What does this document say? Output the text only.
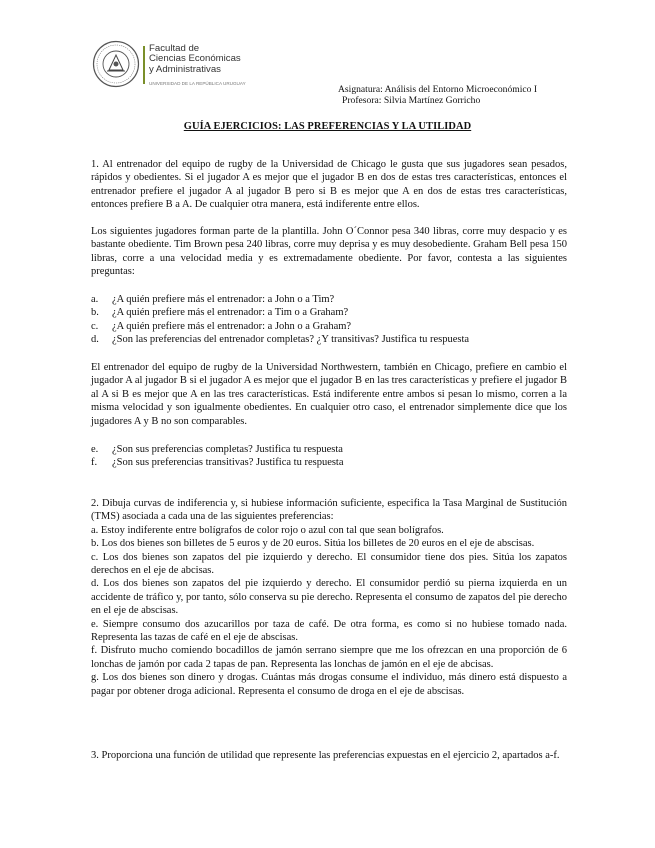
Facultad de
Ciencias Económicas
y Administrativas
UNIVERSIDAD DE LA REPÚBLICA URUGUAY
Asignatura: Análisis del Entorno Microeconómico I
Profesora: Silvia Martínez Gorricho
GUÍA EJERCICIOS: LAS PREFERENCIAS Y LA UTILIDAD

1. Al entrenador del equipo de rugby de la Universidad de Chicago le gusta que sus jugadores sean pesados, rápidos y obedientes. Si el jugador A es mejor que el jugador B en dos de estas tres características, entonces el entrenador prefiere el jugador A al jugador B pero si B es mejor que A en dos de estas tres características, entonces prefiere B a A. De cualquier otra manera, está indiferente entre ellos.

Los siguientes jugadores forman parte de la plantilla. John O´Connor pesa 340 libras, corre muy despacio y es bastante obediente. Tim Brown pesa 240 libras, corre muy deprisa y es muy desobediente. Graham Bell pesa 150 libras, corre a una velocidad media y es extremadamente obediente. Por favor, contesta a las siguientes preguntas:

a. ¿A quién prefiere más el entrenador: a John o a Tim?
b. ¿A quién prefiere más el entrenador: a Tim o a Graham?
c. ¿A quién prefiere más el entrenador: a John o a Graham?
d. ¿Son las preferencias del entrenador completas? ¿Y transitivas? Justifica tu respuesta

El entrenador del equipo de rugby de la Universidad Northwestern, también en Chicago, prefiere en cambio el jugador A al jugador B si el jugador A es mejor que el jugador B en las tres características y prefiere el jugador B al A si B es mejor que A en las tres características. Está indiferente entre ambos si pesan lo mismo, corren a la misma velocidad y son igualmente obedientes. En cualquier otro caso, el entrenador simplemente dice que los jugadores A y B no son comparables.

e. ¿Son sus preferencias completas? Justifica tu respuesta
f. ¿Son sus preferencias transitivas? Justifica tu respuesta
2. Dibuja curvas de indiferencia y, si hubiese información suficiente, especifica la Tasa Marginal de Sustitución (TMS) asociada a cada una de las siguientes preferencias:
a. Estoy indiferente entre bolígrafos de color rojo o azul con tal que sean bolígrafos.
b. Los dos bienes son billetes de 5 euros y de 20 euros. Sitúa los billetes de 20 euros en el eje de abscisas.
c. Los dos bienes son zapatos del pie izquierdo y derecho. El consumidor tiene dos pies. Sitúa los zapatos derechos en el eje de abcisas.
d. Los dos bienes son zapatos del pie izquierdo y derecho. El consumidor perdió su pierna izquierda en un accidente de tráfico y, por tanto, sólo conserva su pie derecho. Representa el consumo de zapatos del pie derecho en el eje de abscisas.
e. Siempre consumo dos azucarillos por taza de café. De otra forma, es como si no hubiese tomado nada. Representa las tazas de café en el eje de abscisas.
f. Disfruto mucho comiendo bocadillos de jamón serrano siempre que me los ofrezcan en una proporción de 6 lonchas de jamón por cada 2 tapas de pan. Representa las lonchas de jamón en el eje de abcisas.
g. Los dos bienes son dinero y drogas. Cuántas más drogas consume el individuo, más dinero está dispuesto a pagar por obtener droga adicional. Representa el consumo de droga en el eje de abscisas.

3. Proporciona una función de utilidad que represente las preferencias expuestas en el ejercicio 2, apartados a-f.
